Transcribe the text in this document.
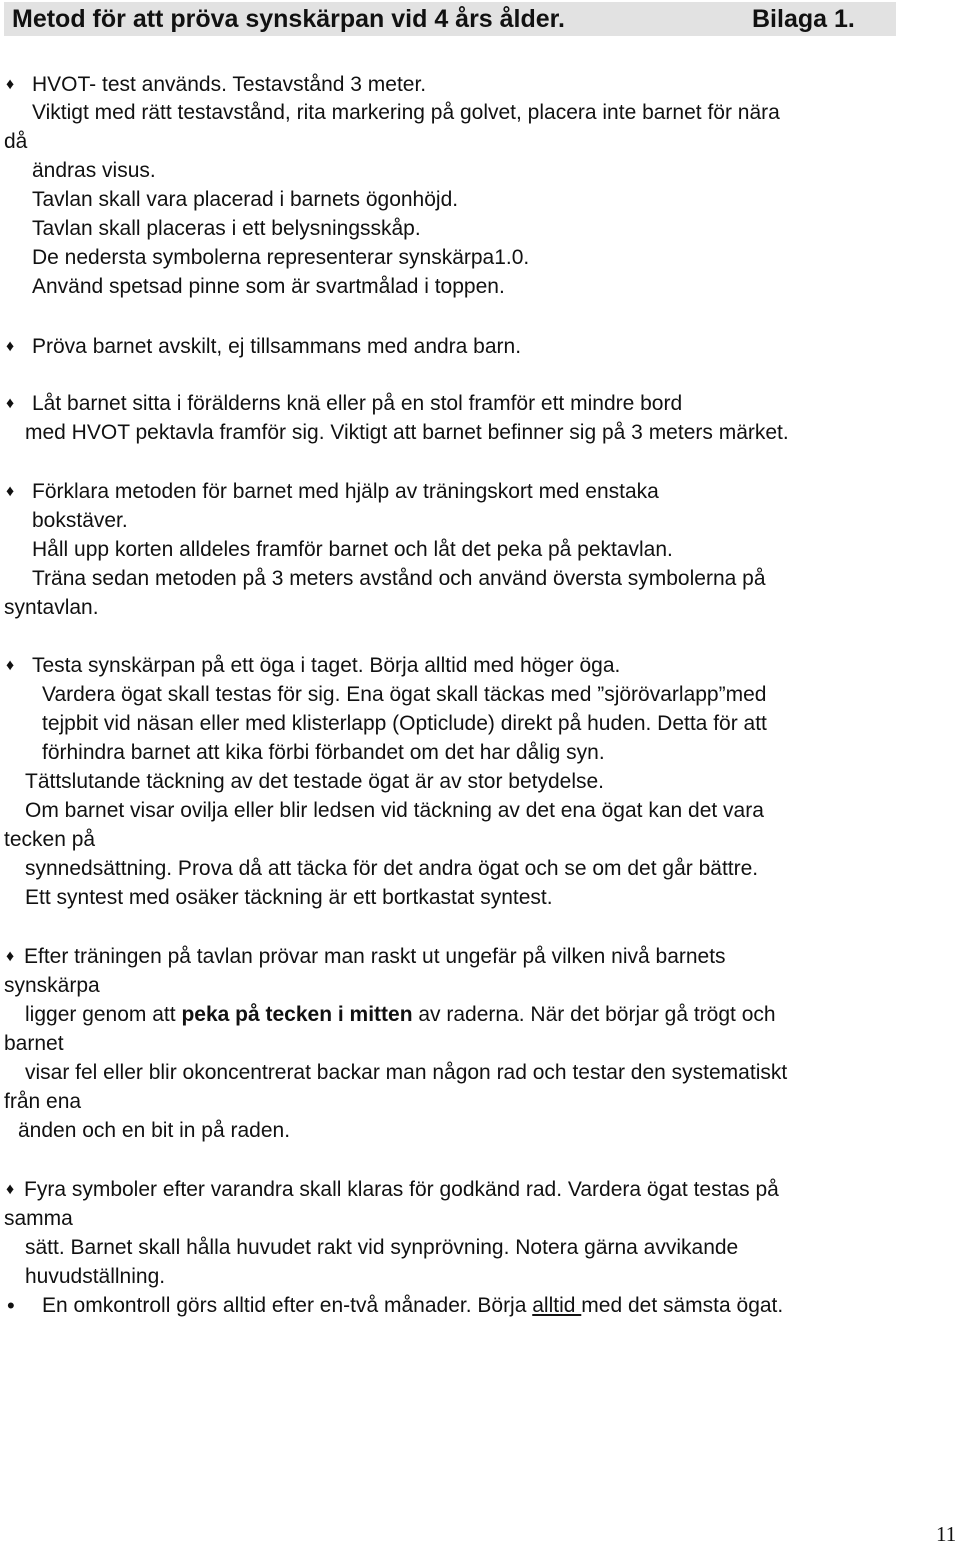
Metod för att pröva synskärpan vid 4 års ålder.	Bilaga 1.
♦ HVOT- test används. Testavstånd 3 meter.
Viktigt med rätt testavstånd, rita markering på golvet, placera inte barnet för nära
då
ändras visus.
Tavlan skall vara placerad i barnets ögonhöjd.
Tavlan skall placeras i ett belysningsskåp.
De nedersta symbolerna representerar synskärpa1.0.
Använd spetsad pinne som är svartmålad i toppen.
♦ Pröva barnet avskilt, ej tillsammans med andra barn.
♦ Låt barnet sitta i förälderns knä eller på en stol framför ett mindre bord
med HVOT pektavla framför sig. Viktigt att barnet befinner sig på 3 meters märket.
♦ Förklara metoden för barnet med hjälp av träningskort med enstaka
bokstäver.
Håll upp korten alldeles framför barnet och låt det peka på pektavlan.
Träna sedan metoden på 3 meters avstånd och använd översta symbolerna på
syntavlan.
♦ Testa synskärpan på ett öga i taget. Börja alltid med höger öga.
Vardera ögat skall testas för sig. Ena ögat skall täckas med ”sjörövarlapp”med
tejpbit vid näsan eller med klisterlapp (Opticlude) direkt på huden. Detta för att
förhindra barnet att kika förbi förbandet om det har dålig syn.
Tättslutande täckning av det testade ögat är av stor betydelse.
Om barnet visar ovilja eller blir ledsen vid täckning av det ena ögat kan det vara
tecken på
synnedsättning. Prova då att täcka för det andra ögat och se om det går bättre.
Ett syntest med osäker täckning är ett bortkastat syntest.
♦ Efter träningen på tavlan prövar man raskt ut ungefär på vilken nivå barnets
synskärpa
ligger genom att peka på tecken i mitten av raderna. När det börjar gå trögt och
barnet
visar fel eller blir okoncentrerat backar man någon rad och testar den systematiskt
från ena
änden och en bit in på raden.
♦ Fyra symboler efter varandra skall klaras för godkänd rad. Vardera ögat testas på
samma
sätt. Barnet skall hålla huvudet rakt vid synprövning. Notera gärna avvikande
huvudställning.
• En omkontroll görs alltid efter en-två månader. Börja alltid med det sämsta ögat.
11
